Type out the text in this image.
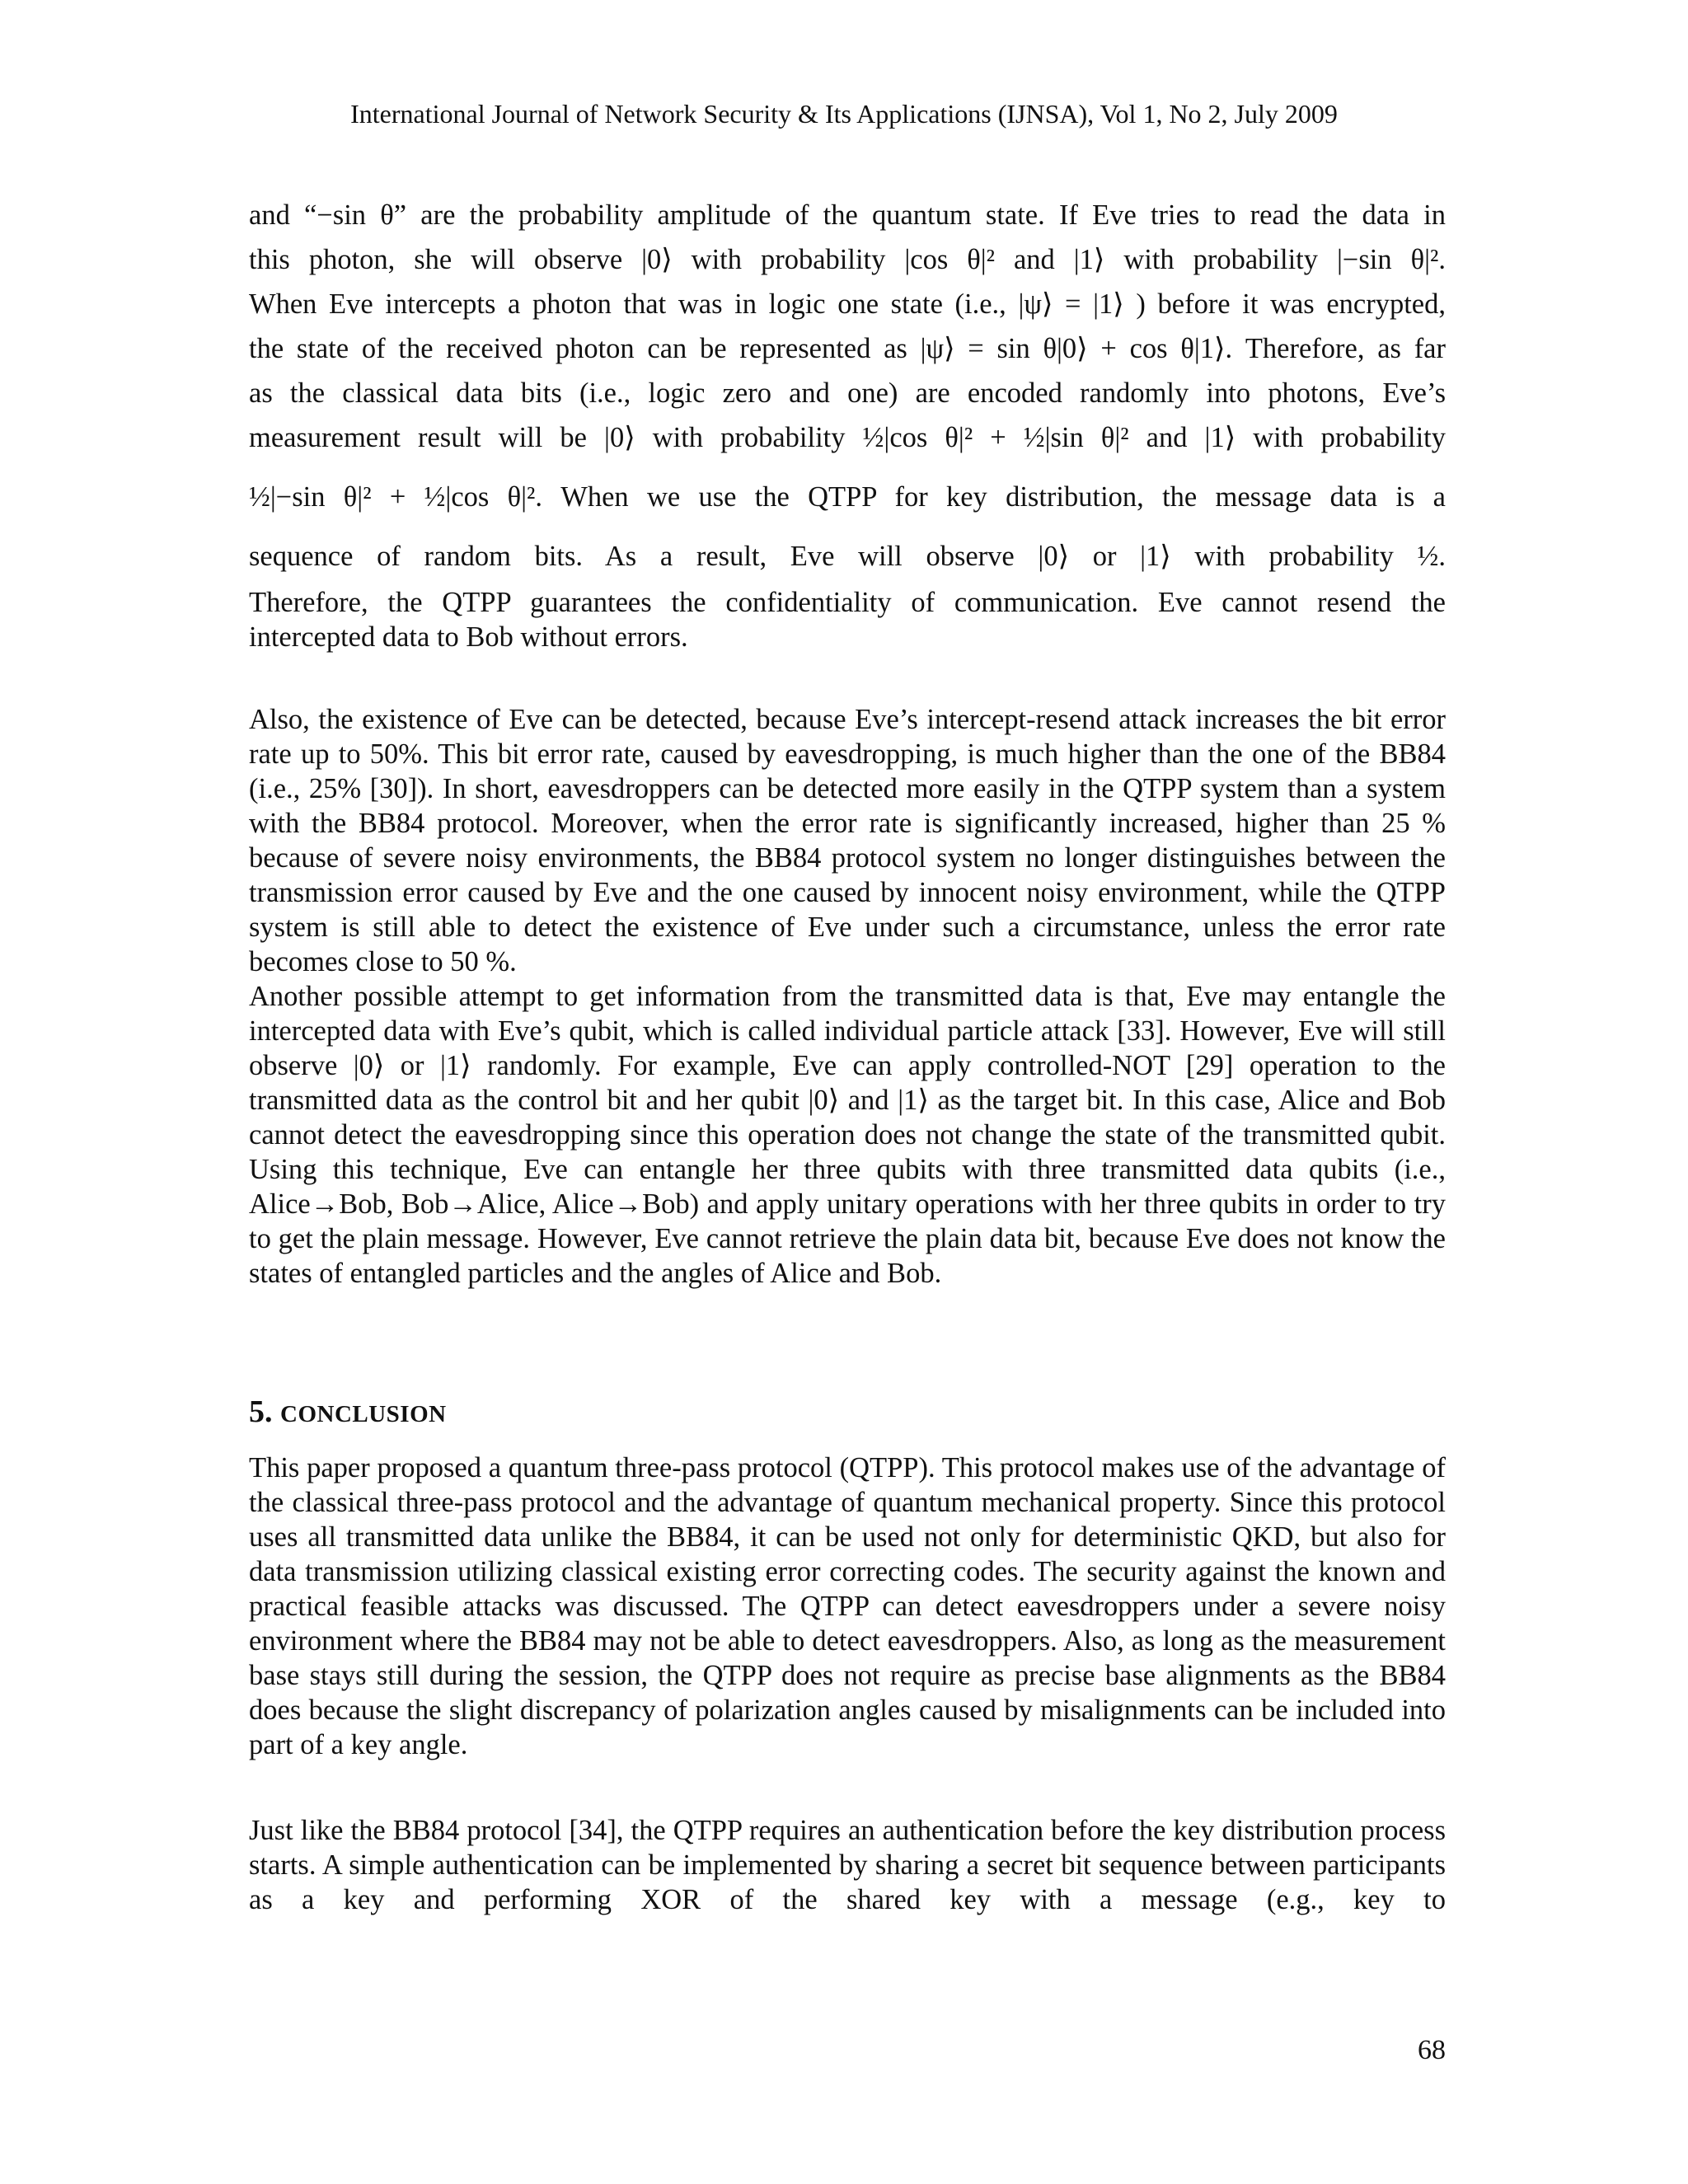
International Journal of Network Security & Its Applications (IJNSA), Vol 1, No 2, July 2009

and “−sin θ” are the probability amplitude of the quantum state. If Eve tries to read the data in
this photon, she will observe |0⟩ with probability |cos θ|² and |1⟩ with probability |−sin θ|².
When Eve intercepts a photon that was in logic one state (i.e., |ψ⟩ = |1⟩ ) before it was encrypted,
the state of the received photon can be represented as |ψ⟩ = sin θ|0⟩ + cos θ|1⟩. Therefore, as far
as the classical data bits (i.e., logic zero and one) are encoded randomly into photons, Eve’s
measurement result will be |0⟩ with probability ½|cos θ|² + ½|sin θ|² and |1⟩ with probability
½|−sin θ|² + ½|cos θ|². When we use the QTPP for key distribution, the message data is a
sequence of random bits. As a result, Eve will observe |0⟩ or |1⟩ with probability ½.
Therefore, the QTPP guarantees the confidentiality of communication. Eve cannot resend the
intercepted data to Bob without errors.

Also, the existence of Eve can be detected, because Eve’s intercept-resend attack increases the bit error rate up to 50%. This bit error rate, caused by eavesdropping, is much higher than the one of the BB84 (i.e., 25% [30]). In short, eavesdroppers can be detected more easily in the QTPP system than a system with the BB84 protocol. Moreover, when the error rate is significantly increased, higher than 25 % because of severe noisy environments, the BB84 protocol system no longer distinguishes between the transmission error caused by Eve and the one caused by innocent noisy environment, while the QTPP system is still able to detect the existence of Eve under such a circumstance, unless the error rate becomes close to 50 %.

Another possible attempt to get information from the transmitted data is that, Eve may entangle the intercepted data with Eve’s qubit, which is called individual particle attack [33]. However, Eve will still observe |0⟩ or |1⟩ randomly. For example, Eve can apply controlled-NOT [29] operation to the transmitted data as the control bit and her qubit |0⟩ and |1⟩ as the target bit. In this case, Alice and Bob cannot detect the eavesdropping since this operation does not change the state of the transmitted qubit. Using this technique, Eve can entangle her three qubits with three transmitted data qubits (i.e., Alice→Bob, Bob→Alice, Alice→Bob) and apply unitary operations with her three qubits in order to try to get the plain message. However, Eve cannot retrieve the plain data bit, because Eve does not know the states of entangled particles and the angles of Alice and Bob.

5. CONCLUSION

This paper proposed a quantum three-pass protocol (QTPP). This protocol makes use of the advantage of the classical three-pass protocol and the advantage of quantum mechanical property. Since this protocol uses all transmitted data unlike the BB84, it can be used not only for deterministic QKD, but also for data transmission utilizing classical existing error correcting codes. The security against the known and practical feasible attacks was discussed. The QTPP can detect eavesdroppers under a severe noisy environment where the BB84 may not be able to detect eavesdroppers. Also, as long as the measurement base stays still during the session, the QTPP does not require as precise base alignments as the BB84 does because the slight discrepancy of polarization angles caused by misalignments can be included into part of a key angle.

Just like the BB84 protocol [34], the QTPP requires an authentication before the key distribution process starts. A simple authentication can be implemented by sharing a secret bit sequence between participants as a key and performing XOR of the shared key with a message (e.g., key to

68
